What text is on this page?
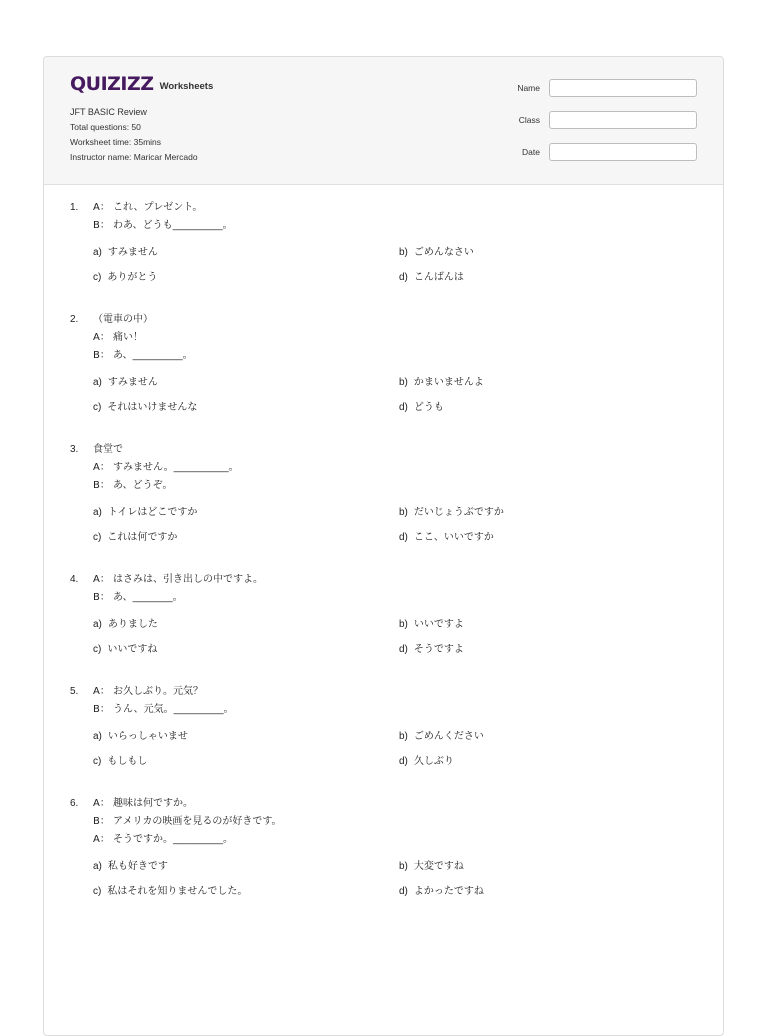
QUIZIZZ Worksheets
JFT BASIC Review
Total questions: 50
Worksheet time: 35mins
Instructor name: Maricar Mercado
Name
Class
Date
1.	A： これ、プレゼント。
B： わあ、どうも__________。
a) すみません	b) ごめんなさい
c) ありがとう	d) こんばんは
2.	（電車の中）
A： 痛い！
B： あ、__________。
a) すみません	b) かまいませんよ
c) それはいけませんな	d) どうも
3.	食堂で
A： すみません。___________。
B： あ、どうぞ。
a) トイレはどこですか	b) だいじょうぶですか
c) これは何ですか	d) ここ、いいですか
4.	A： はさみは、引き出しの中ですよ。
B： あ、________。
a) ありました	b) いいですよ
c) いいですね	d) そうですよ
5.	A： お久しぶり。元気？
B： うん、元気。__________。
a) いらっしゃいませ	b) ごめんください
c) もしもし	d) 久しぶり
6.	A： 趣味は何ですか。
B： アメリカの映画を見るのが好きです。
A： そうですか。__________。
a) 私も好きです	b) 大変ですね
c) 私はそれを知りませんでした。	d) よかったですね
